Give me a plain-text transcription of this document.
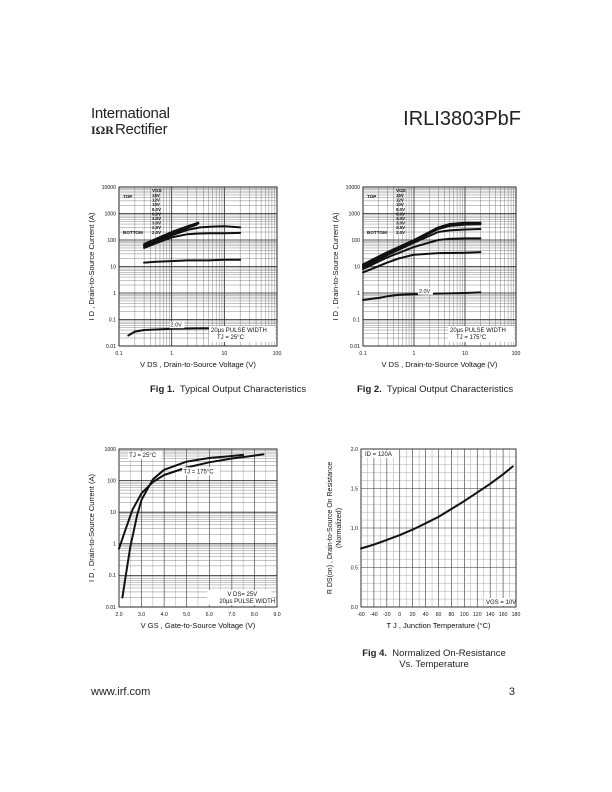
International
IΩRRectifier	IRLI3803PbF
0.1	1	10	100
0.01
0.1
1
10
100
1000
10000
V DS , Drain-to-Source Voltage (V)
I D , Drain-to-Source Current (A)
VGS
TOP	15V
12V
10V
8.0V
6.0V
4.0V
3.0V
2.5V
2.0V
BOTTOM
20µs PULSE WIDTH
TJ = 25°C
2.0V
0.1	1	10	100
0.01
0.1
1
10
100
1000
10000
V DS , Drain-to-Source Voltage (V)
I D , Drain-to-Source Current (A)
VGS
TOP	15V
12V
10V
8.0V
6.0V
4.0V
3.0V
2.5V
2.0V
BOTTOM
20µs PULSE WIDTH
TJ = 175°C
2.0V
2.0	3.0	4.0	5.0	6.0	7.0	8.0	9.0
0.01
0.1
1
10
100
1000
V GS , Gate-to-Source Voltage (V)
I D , Drain-to-Source Current (A)
TJ = 25°C
TJ = 175°C
V DS= 25V
20µs PULSE WIDTH
-60 -40 -20 0 20 40 60 80 100 120 140 160 180
0.0
0.5
1.0
1.5
2.0
T J , Junction Temperature (°C)
R DS(on) , Drain-to-Source On Resistance (Normalized)
ID = 120A
VGS = 10V
Fig 1. Typical Output Characteristics	Fig 2. Typical Output Characteristics
Fig 4. Normalized On-Resistance
Vs. Temperature
www.irf.com	3
